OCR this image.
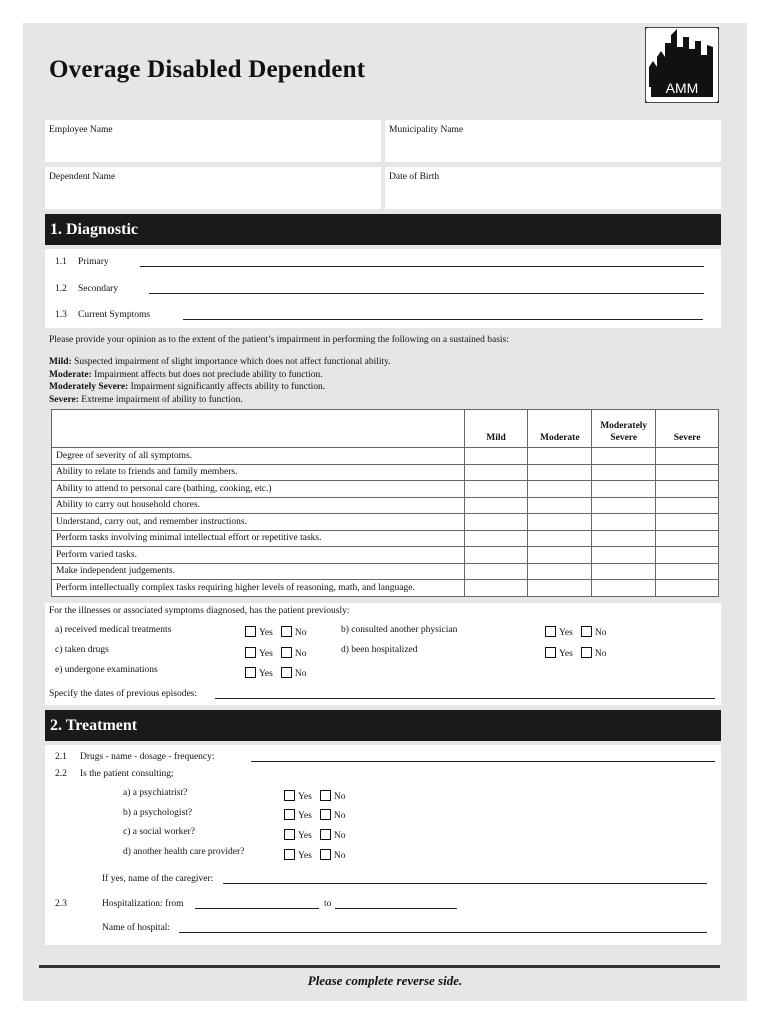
Overage Disabled Dependent
AMM
Employee Name	Municipality Name
Dependent Name	Date of Birth
1. Diagnostic
1.1 Primary
1.2 Secondary
1.3 Current Symptoms
Please provide your opinion as to the extent of the patient’s impairment in performing the following on a sustained basis:
Mild: Suspected impairment of slight importance which does not affect functional ability.
Moderate: Impairment affects but does not preclude ability to function.
Moderately Severe: Impairment significantly affects ability to function.
Severe: Extreme impairment of ability to function.
	Mild	Moderate	Moderately Severe	Severe
Degree of severity of all symptoms.				
Ability to relate to friends and family members.				
Ability to attend to personal care (bathing, cooking, etc.)				
Ability to carry out household chores.				
Understand, carry out, and remember instructions.				
Perform tasks involving minimal intellectual effort or repetitive tasks.				
Perform varied tasks.				
Make independent judgements.				
Perform intellectually complex tasks requiring higher levels of reasoning, math, and language.				
For the illnesses or associated symptoms diagnosed, has the patient previously:
a) received medical treatments	Yes No	b) consulted another physician	Yes No
c) taken drugs	Yes No	d) been hospitalized	Yes No
e) undergone examinations	Yes No
Specify the dates of previous episodes:
2. Treatment
2.1 Drugs - name - dosage - frequency:
2.2 Is the patient consulting;
a) a psychiatrist?	Yes No
b) a psychologist?	Yes No
c) a social worker?	Yes No
d) another health care provider?	Yes No
If yes, name of the caregiver:
2.3	Hospitalization: from	to
Name of hospital:
Please complete reverse side.
